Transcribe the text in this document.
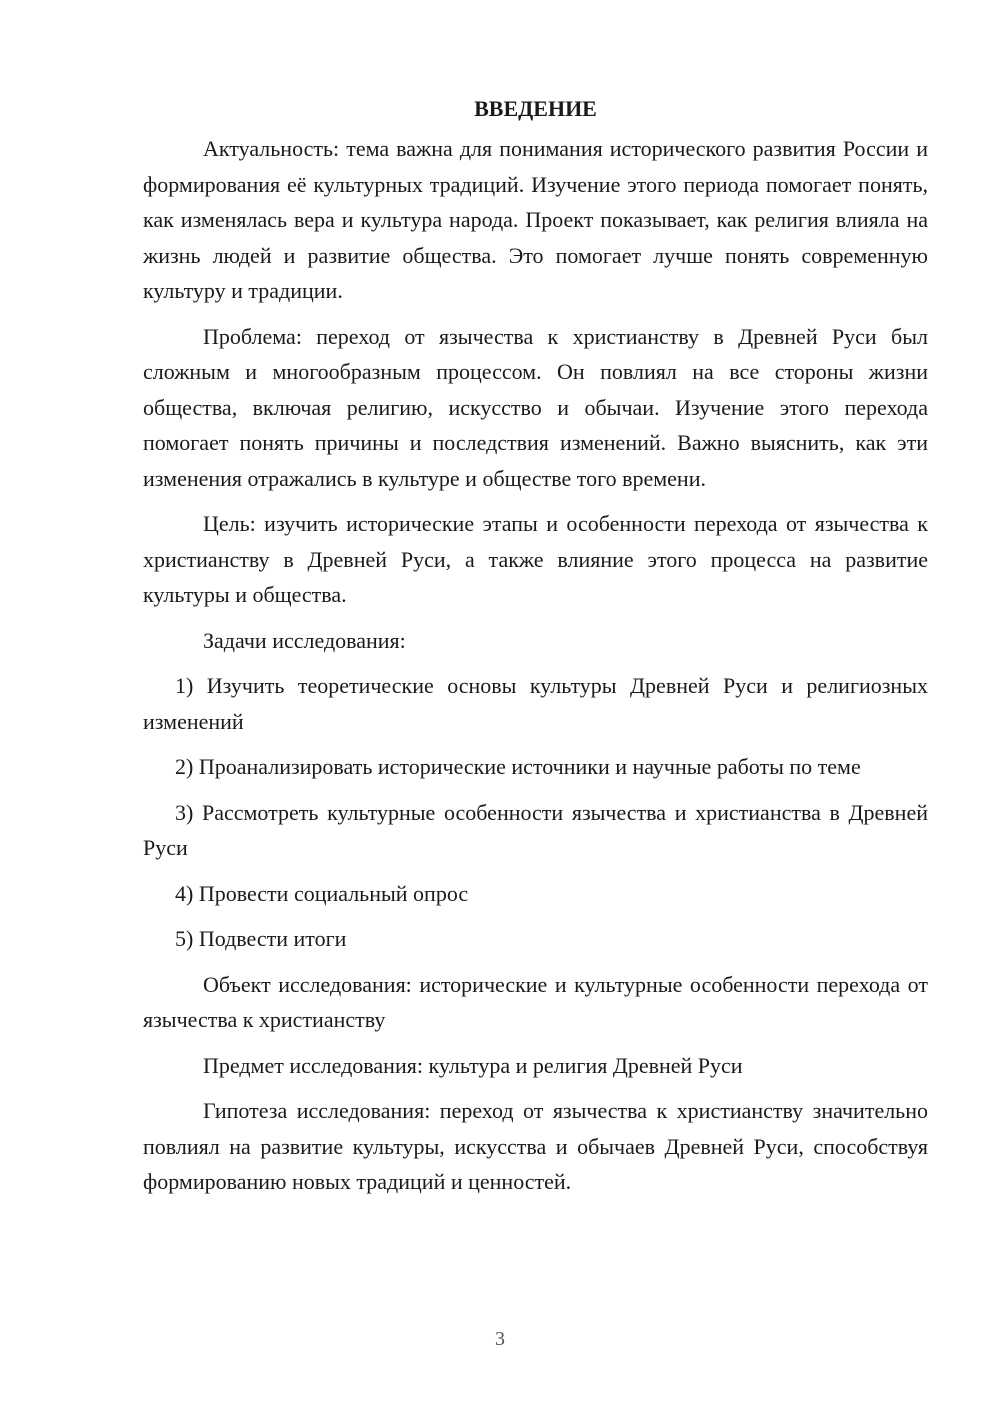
ВВЕДЕНИЕ

Актуальность: тема важна для понимания исторического развития России и формирования её культурных традиций. Изучение этого периода помогает понять, как изменялась вера и культура народа. Проект показывает, как религия влияла на жизнь людей и развитие общества. Это помогает лучше понять современную культуру и традиции.

Проблема: переход от язычества к христианству в Древней Руси был сложным и многообразным процессом. Он повлиял на все стороны жизни общества, включая религию, искусство и обычаи. Изучение этого перехода помогает понять причины и последствия изменений. Важно выяснить, как эти изменения отражались в культуре и обществе того времени.

Цель: изучить исторические этапы и особенности перехода от язычества к христианству в Древней Руси, а также влияние этого процесса на развитие культуры и общества.

Задачи исследования:

1) Изучить теоретические основы культуры Древней Руси и религиозных изменений

2) Проанализировать исторические источники и научные работы по теме

3) Рассмотреть культурные особенности язычества и христианства в Древней Руси

4) Провести социальный опрос

5) Подвести итоги

Объект исследования: исторические и культурные особенности перехода от язычества к христианству

Предмет исследования: культура и религия Древней Руси

Гипотеза исследования: переход от язычества к христианству значительно повлиял на развитие культуры, искусства и обычаев Древней Руси, способствуя формированию новых традиций и ценностей.

3
